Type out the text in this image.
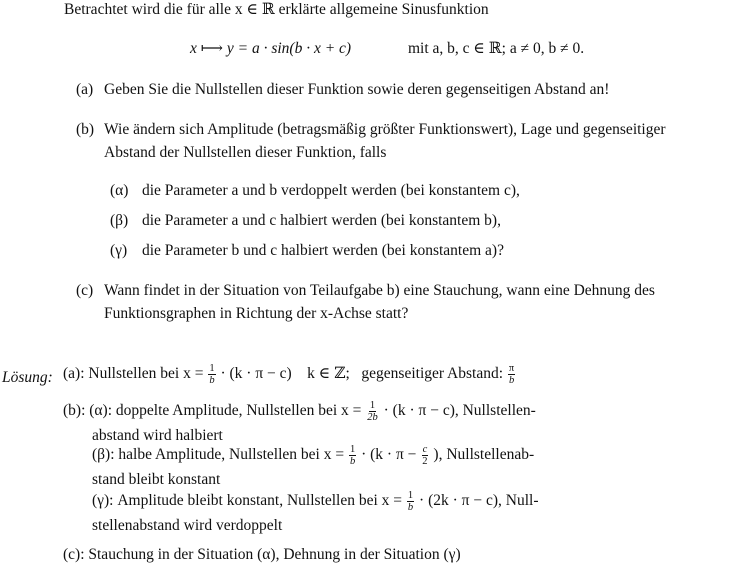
Betrachtet wird die für alle x ∈ ℝ erklärte allgemeine Sinusfunktion
x ⟼ y = a · sin(b · x + c)	mit a, b, c ∈ ℝ; a ≠ 0, b ≠ 0.
(a) Geben Sie die Nullstellen dieser Funktion sowie deren gegenseitigen Abstand an!
(b) Wie ändern sich Amplitude (betragsmäßig größter Funktionswert), Lage und gegenseitiger
Abstand der Nullstellen dieser Funktion, falls
(α) die Parameter a und b verdoppelt werden (bei konstantem c),
(β) die Parameter a und c halbiert werden (bei konstantem b),
(γ) die Parameter b und c halbiert werden (bei konstantem a)?
(c) Wann findet in der Situation von Teilaufgabe b) eine Stauchung, wann eine Dehnung des
Funktionsgraphen in Richtung der x-Achse statt?
Lösung: (a): Nullstellen bei $x = \frac{1}{b} \cdot (k \cdot \pi - c)$    k ∈ ℤ;   gegenseitiger Abstand: $\frac{\pi}{b}$
(b): (α): doppelte Amplitude, Nullstellen bei $x = \frac{1}{2b} \cdot (k \cdot \pi - c)$, Nullstellen-
abstand wird halbiert
(β): halbe Amplitude, Nullstellen bei $x = \frac{1}{b} \cdot (k \cdot \pi - \frac{c}{2}$ ), Nullstellenab-
stand bleibt konstant
(γ): Amplitude bleibt konstant, Nullstellen bei $x = \frac{1}{b} \cdot (2k \cdot \pi - c)$, Null-
stellenabstand wird verdoppelt
(c): Stauchung in der Situation (α), Dehnung in der Situation (γ)
